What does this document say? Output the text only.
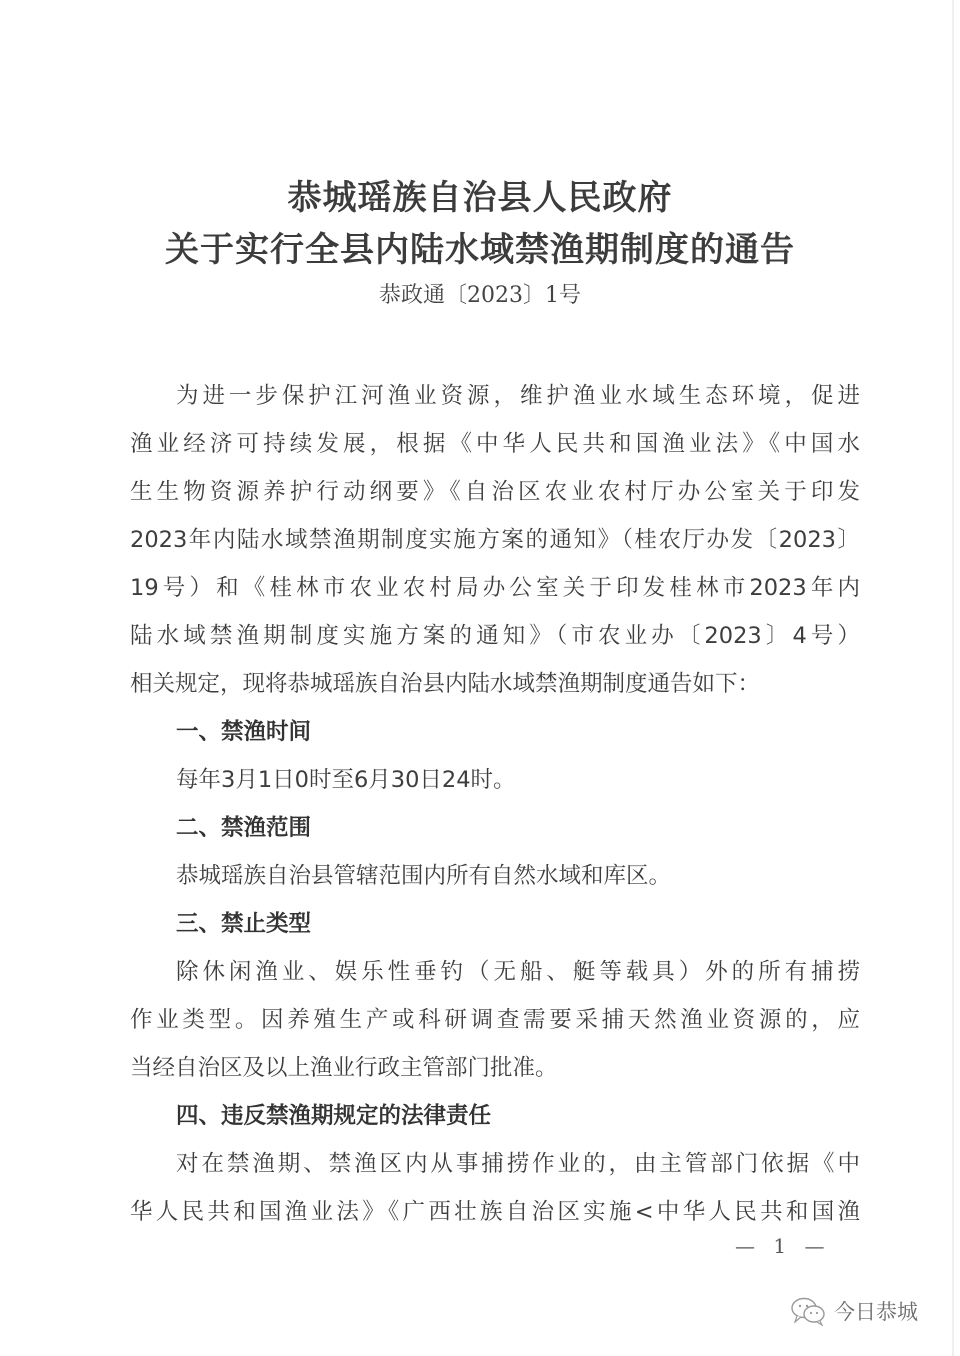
恭城瑶族自治县人民政府
关于实行全县内陆水域禁渔期制度的通告
恭政通〔2023〕1号
为进一步保护江河渔业资源，维护渔业水域生态环境，促进
渔业经济可持续发展，根据《中华人民共和国渔业法》《中国水
生生物资源养护行动纲要》《自治区农业农村厅办公室关于印发
2023年内陆水域禁渔期制度实施方案的通知》（桂农厅办发〔2023〕
19号）和《桂林市农业农村局办公室关于印发桂林市2023年内
陆水域禁渔期制度实施方案的通知》（市农业办〔2023〕4号）
相关规定，现将恭城瑶族自治县内陆水域禁渔期制度通告如下：
一、禁渔时间
每年3月1日0时至6月30日24时。
二、禁渔范围
恭城瑶族自治县管辖范围内所有自然水域和库区。
三、禁止类型
除休闲渔业、娱乐性垂钓（无船、艇等载具）外的所有捕捞
作业类型。因养殖生产或科研调查需要采捕天然渔业资源的，应
当经自治区及以上渔业行政主管部门批准。
四、违反禁渔期规定的法律责任
对在禁渔期、禁渔区内从事捕捞作业的，由主管部门依据《中
华人民共和国渔业法》《广西壮族自治区实施<中华人民共和国渔
— 1 —
今日恭城
